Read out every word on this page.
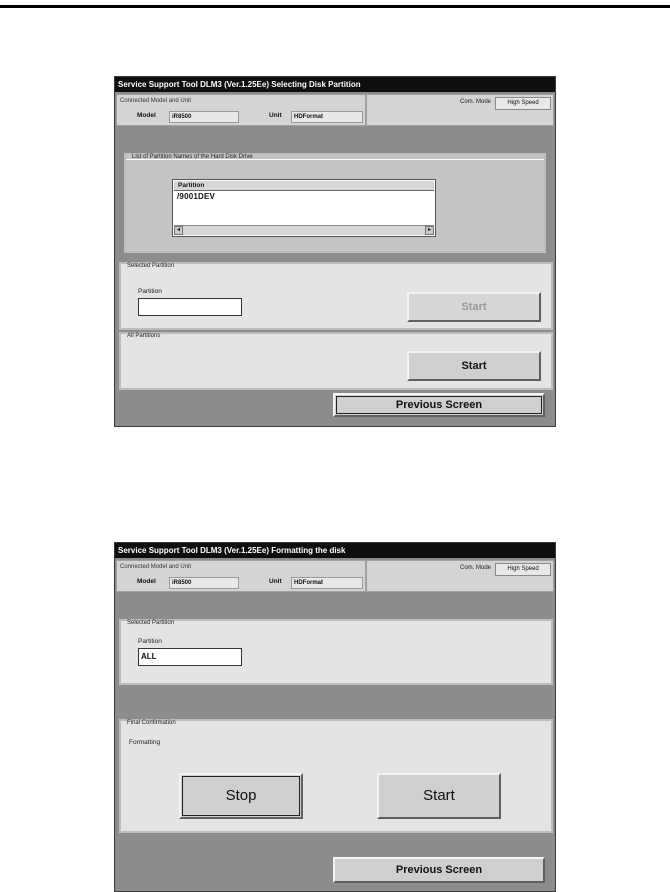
Service Support Tool DLM3 (Ver.1.25Ee) Selecting Disk Partition
Connected Model and Unit
Model	iR8500	Unit	HDFormat
Com. Mode	High Speed
List of Partition Names of the Hard Disk Drive
Partition
/9001DEV
◂	▸
Selected Partition
Partition
Start
All Partitions
Start
Previous Screen
Service Support Tool DLM3 (Ver.1.25Ee) Formatting the disk
Connected Model and Unit
Model	iR8500	Unit	HDFormat
Com. Mode	High Speed
Selected Partition
Partition
ALL
Final Confirmation
Formatting
Stop	Start
Previous Screen
